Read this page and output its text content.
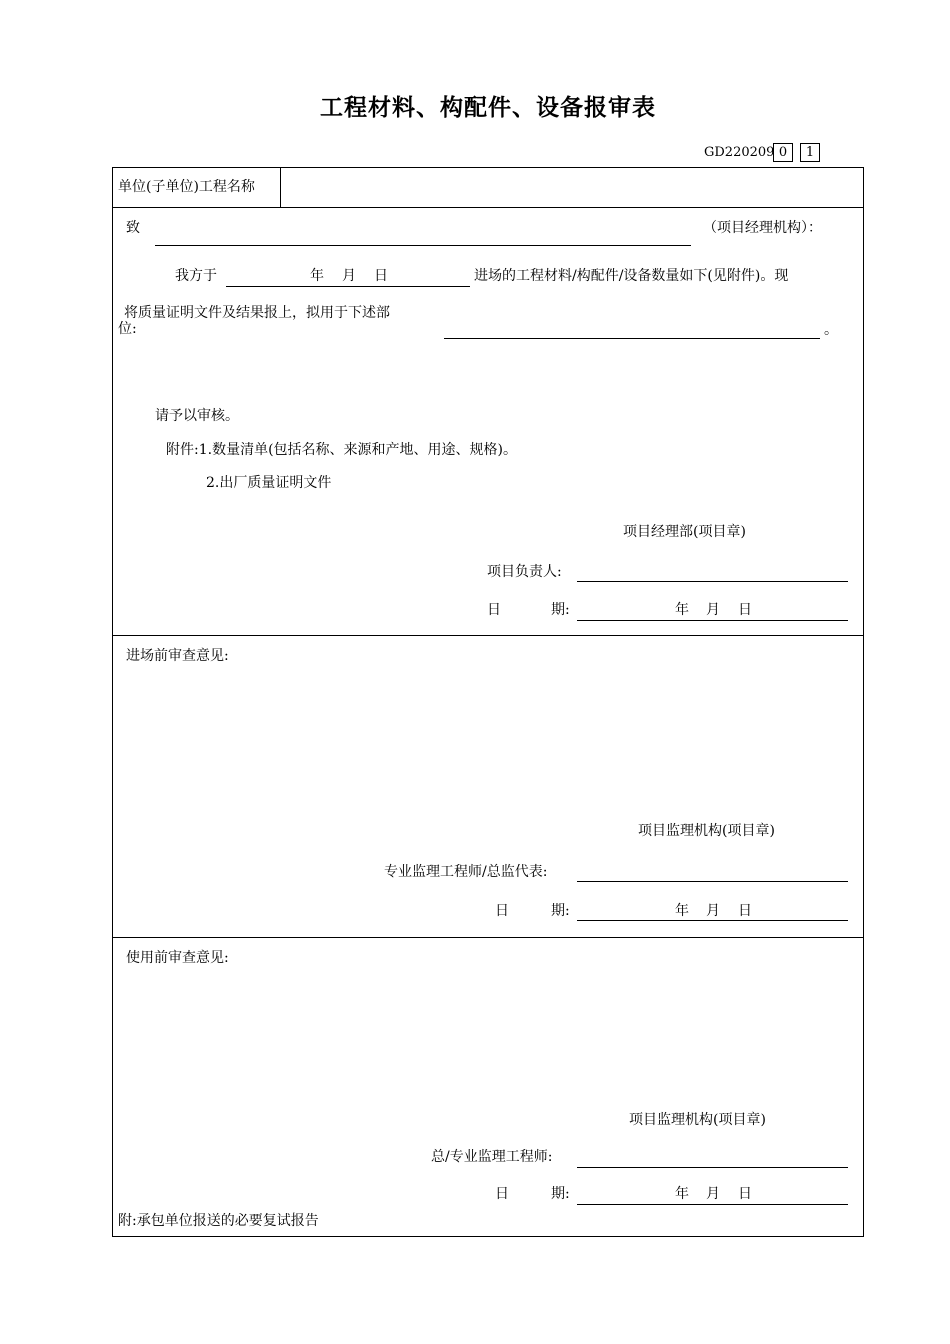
工程材料、构配件、设备报审表
GD220209 0	1
单位(子单位)工程名称
致	（项目经理机构）：
我方于	年 月 日	进场的工程材料/构配件/设备数量如下(见附件)。现
将质量证明文件及结果报上，拟用于下述部
位:	。
请予以审核。
附件:1.数量清单(包括名称、来源和产地、用途、规格)。
2.出厂质量证明文件
项目经理部(项目章)
项目负责人:
日	期:	年 月 日
进场前审查意见:
项目监理机构(项目章)
专业监理工程师/总监代表:
日	期:	年 月 日
使用前审查意见:
项目监理机构(项目章)
总/专业监理工程师:
日	期:	年 月 日
附:承包单位报送的必要复试报告
